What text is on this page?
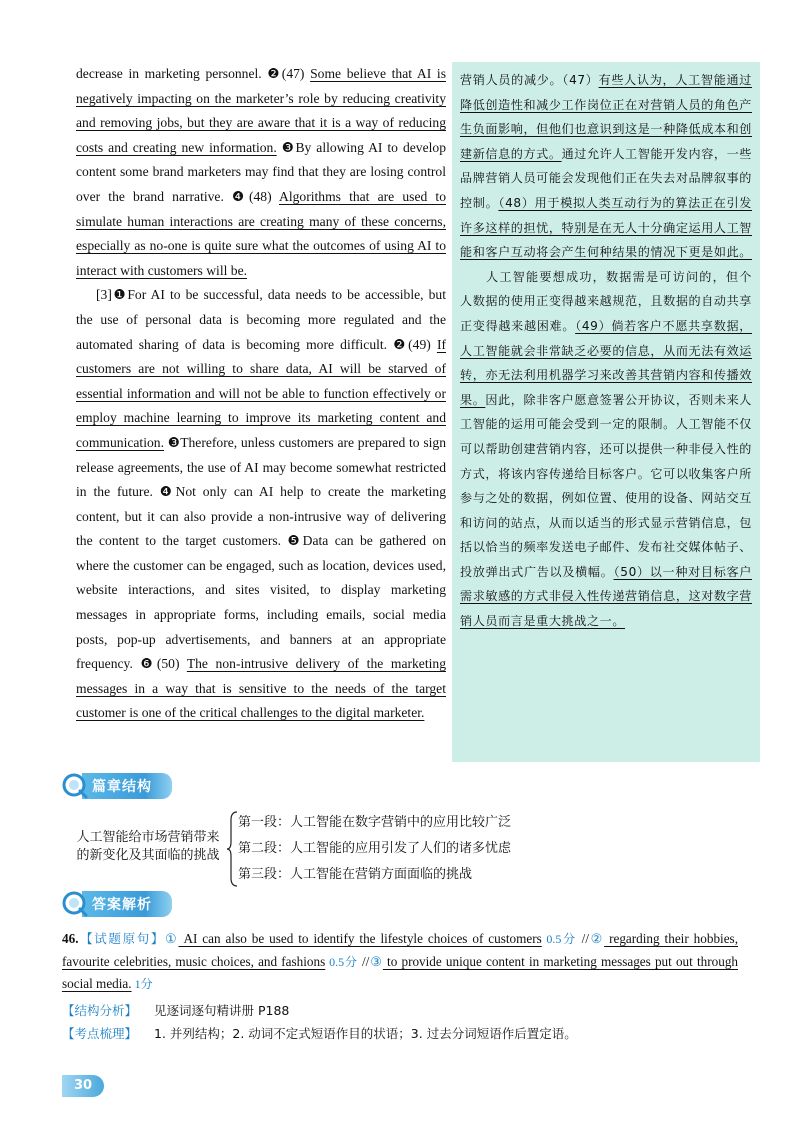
decrease in marketing personnel. ❷(47) Some believe that AI is negatively impacting on the marketer’s role by reducing creativity and removing jobs, but they are aware that it is a way of reducing costs and creating new information. ❸By allowing AI to develop content some brand marketers may find that they are losing control over the brand narrative. ❹(48) Algorithms that are used to simulate human interactions are creating many of these concerns, especially as no-one is quite sure what the outcomes of using AI to interact with customers will be.

[3]❶For AI to be successful, data needs to be accessible, but the use of personal data is becoming more regulated and the automated sharing of data is becoming more difficult. ❷(49) If customers are not willing to share data, AI will be starved of essential information and will not be able to function effectively or employ machine learning to improve its marketing content and communication. ❸Therefore, unless customers are prepared to sign release agreements, the use of AI may become somewhat restricted in the future. ❹Not only can AI help to create the marketing content, but it can also provide a non-intrusive way of delivering the content to the target customers. ❺Data can be gathered on where the customer can be engaged, such as location, devices used, website interactions, and sites visited, to display marketing messages in appropriate forms, including emails, social media posts, pop-up advertisements, and banners at an appropriate frequency. ❻(50) The non-intrusive delivery of the marketing messages in a way that is sensitive to the needs of the target customer is one of the critical challenges to the digital marketer.

营销人员的减少。（47）有些人认为，人工智能通过降低创造性和减少工作岗位正在对营销人员的角色产生负面影响，但他们也意识到这是一种降低成本和创建新信息的方式。通过允许人工智能开发内容，一些品牌营销人员可能会发现他们正在失去对品牌叙事的控制。（48）用于模拟人类互动行为的算法正在引发许多这样的担忧，特别是在无人十分确定运用人工智能和客户互动将会产生何种结果的情况下更是如此。

人工智能要想成功，数据需是可访问的，但个人数据的使用正变得越来越规范，且数据的自动共享正变得越来越困难。（49）倘若客户不愿共享数据，人工智能就会非常缺乏必要的信息，从而无法有效运转，亦无法利用机器学习来改善其营销内容和传播效果。因此，除非客户愿意签署公开协议，否则未来人工智能的运用可能会受到一定的限制。人工智能不仅可以帮助创建营销内容，还可以提供一种非侵入性的方式，将该内容传递给目标客户。它可以收集客户所参与之处的数据，例如位置、使用的设备、网站交互和访问的站点，从而以适当的形式显示营销信息，包括以恰当的频率发送电子邮件、发布社交媒体帖子、投放弹出式广告以及横幅。（50）以一种对目标客户需求敏感的方式非侵入性传递营销信息，这对数字营销人员而言是重大挑战之一。

篇章结构
人工智能给市场营销带来
的新变化及其面临的挑战
第一段：人工智能在数字营销中的应用比较广泛
第二段：人工智能的应用引发了人们的诸多忧虑
第三段：人工智能在营销方面面临的挑战
答案解析

46.【试题原句】① AI can also be used to identify the lifestyle choices of customers 0.5分 //② regarding their hobbies, favourite celebrities, music choices, and fashions 0.5分 //③ to provide unique content in marketing messages put out through social media. 1分

【结构分析】 见逐词逐句精讲册 P188
【考点梳理】 1. 并列结构；2. 动词不定式短语作目的状语；3. 过去分词短语作后置定语。
30
